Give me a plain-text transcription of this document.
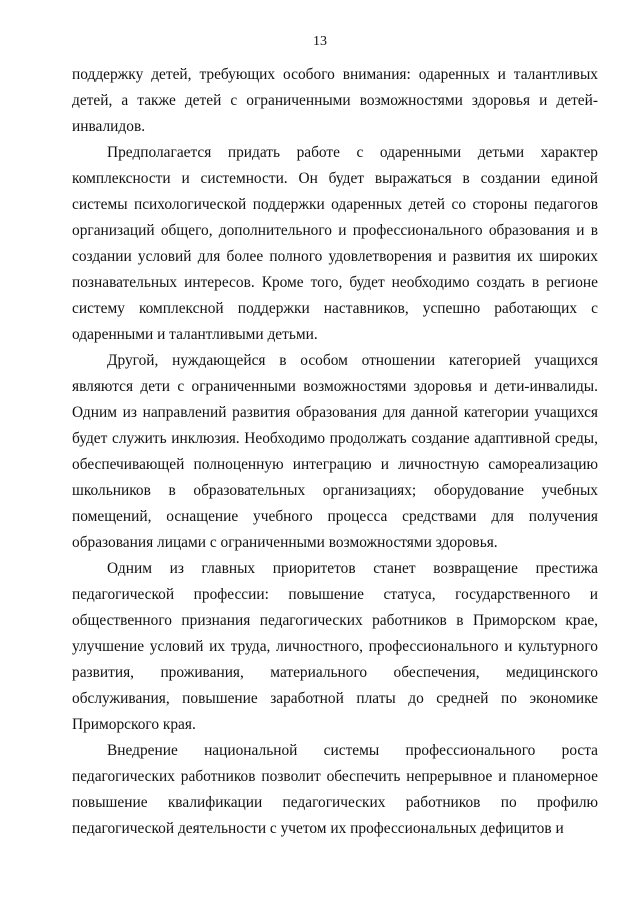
13

поддержку детей, требующих особого внимания: одаренных и талантливых детей, а также детей с ограниченными возможностями здоровья и детей-инвалидов.

Предполагается придать работе с одаренными детьми характер комплексности и системности. Он будет выражаться в создании единой системы психологической поддержки одаренных детей со стороны педагогов организаций общего, дополнительного и профессионального образования и в создании условий для более полного удовлетворения и развития их широких познавательных интересов. Кроме того, будет необходимо создать в регионе систему комплексной поддержки наставников, успешно работающих с одаренными и талантливыми детьми.

Другой, нуждающейся в особом отношении категорией учащихся являются дети с ограниченными возможностями здоровья и дети-инвалиды. Одним из направлений развития образования для данной категории учащихся будет служить инклюзия. Необходимо продолжать создание адаптивной среды, обеспечивающей полноценную интеграцию и личностную самореализацию школьников в образовательных организациях; оборудование учебных помещений, оснащение учебного процесса средствами для получения образования лицами с ограниченными возможностями здоровья.

Одним из главных приоритетов станет возвращение престижа педагогической профессии: повышение статуса, государственного и общественного признания педагогических работников в Приморском крае, улучшение условий их труда, личностного, профессионального и культурного развития, проживания, материального обеспечения, медицинского обслуживания, повышение заработной платы до средней по экономике Приморского края.

Внедрение национальной системы профессионального роста педагогических работников позволит обеспечить непрерывное и планомерное повышение квалификации педагогических работников по профилю педагогической деятельности с учетом их профессиональных дефицитов и
